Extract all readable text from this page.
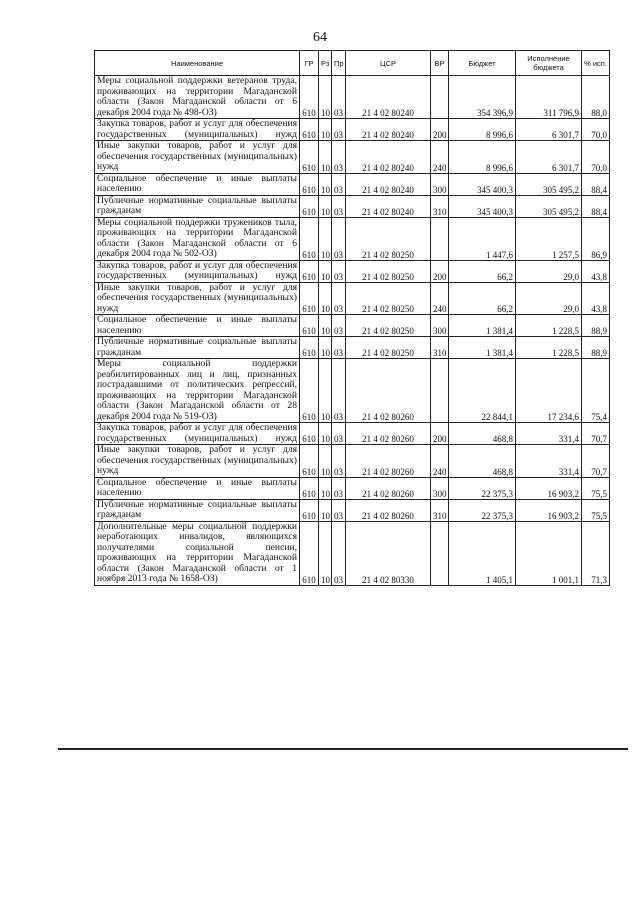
64
Наименование	ГР	Рз	Пр	ЦСР	ВР	Бюджет	Исполнение бюджета	% исп.
Меры социальной поддержки ветеранов труда, проживающих на территории Магаданской области (Закон Магаданской области от 6 декабря 2004 года № 498-ОЗ)	610	10	03	21 4 02 80240		354 396,9	311 796,9	88,0
Закупка товаров, работ и услуг для обеспечения государственных (муниципальных) нужд	610	10	03	21 4 02 80240	200	8 996,6	6 301,7	70,0
Иные закупки товаров, работ и услуг для обеспечения государственных (муниципальных) нужд	610	10	03	21 4 02 80240	240	8 996,6	6 301,7	70,0
Социальное обеспечение и иные выплаты населению	610	10	03	21 4 02 80240	300	345 400,3	305 495,2	88,4
Публичные нормативные социальные выплаты гражданам	610	10	03	21 4 02 80240	310	345 400,3	305 495,2	88,4
Меры социальной поддержки тружеников тыла, проживающих на территории Магаданской области (Закон Магаданской области от 6 декабря 2004 года № 502-ОЗ)	610	10	03	21 4 02 80250		1 447,6	1 257,5	86,9
Закупка товаров, работ и услуг для обеспечения государственных (муниципальных) нужд	610	10	03	21 4 02 80250	200	66,2	29,0	43,8
Иные закупки товаров, работ и услуг для обеспечения государственных (муниципальных) нужд	610	10	03	21 4 02 80250	240	66,2	29,0	43,8
Социальное обеспечение и иные выплаты населению	610	10	03	21 4 02 80250	300	1 381,4	1 228,5	88,9
Публичные нормативные социальные выплаты гражданам	610	10	03	21 4 02 80250	310	1 381,4	1 228,5	88,9
Меры социальной поддержки реабилитированных лиц и лиц, признанных пострадавшими от политических репрессий, проживающих на территории Магаданской области (Закон Магаданской области от 28 декабря 2004 года № 519-ОЗ)	610	10	03	21 4 02 80260		22 844,1	17 234,6	75,4
Закупка товаров, работ и услуг для обеспечения государственных (муниципальных) нужд	610	10	03	21 4 02 80260	200	468,8	331,4	70,7
Иные закупки товаров, работ и услуг для обеспечения государственных (муниципальных) нужд	610	10	03	21 4 02 80260	240	468,8	331,4	70,7
Социальное обеспечение и иные выплаты населению	610	10	03	21 4 02 80260	300	22 375,3	16 903,2	75,5
Публичные нормативные социальные выплаты гражданам	610	10	03	21 4 02 80260	310	22 375,3	16 903,2	75,5
Дополнительные меры социальной поддержки неработающих инвалидов, являющихся получателями социальной пенсии, проживающих на территории Магаданской области (Закон Магаданской области от 1 ноября 2013 года № 1658-ОЗ)	610	10	03	21 4 02 80330		1 405,1	1 001,1	71,3
